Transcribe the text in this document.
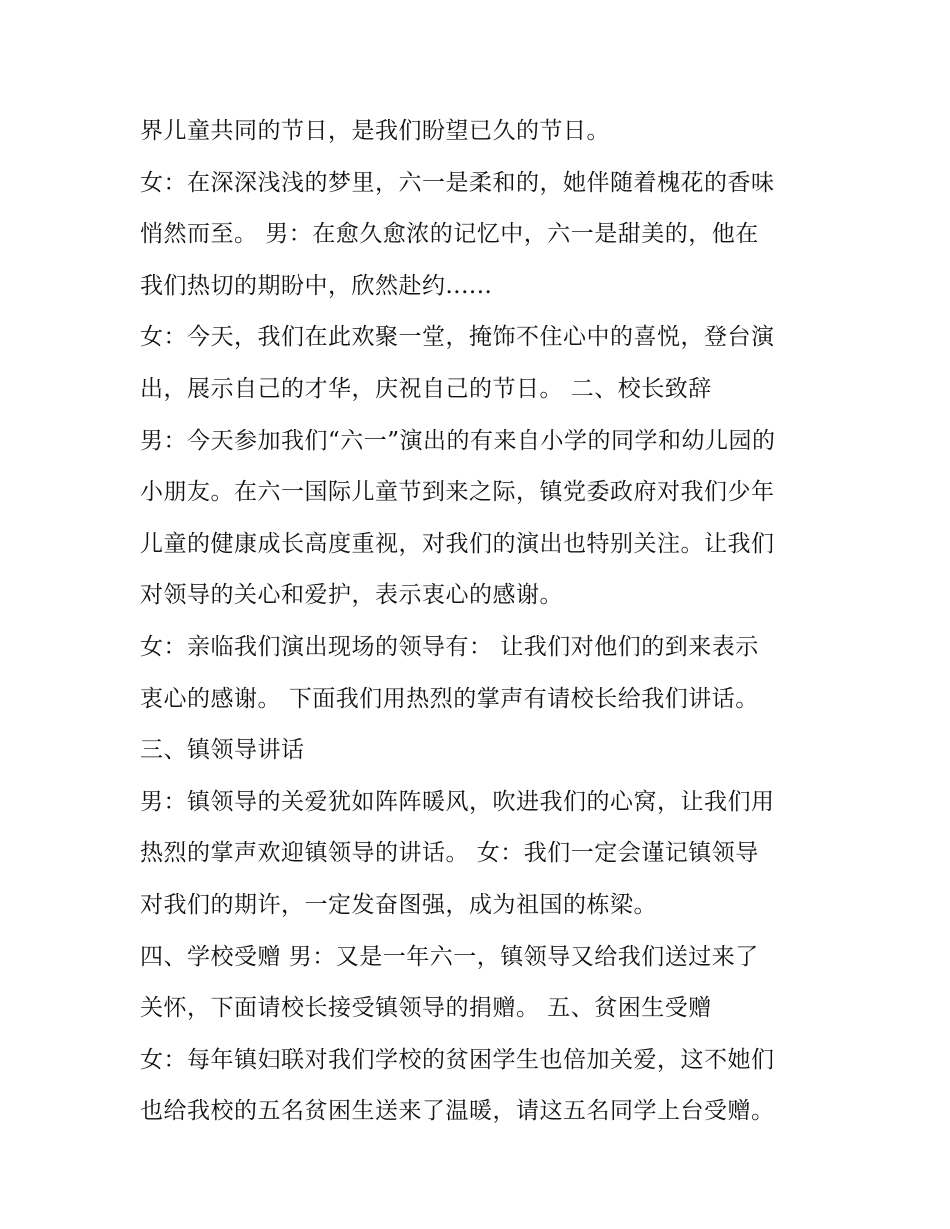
界儿童共同的节日，是我们盼望已久的节日。
女：在深深浅浅的梦里，六一是柔和的，她伴随着槐花的香味
悄然而至。 男：在愈久愈浓的记忆中，六一是甜美的，他在
我们热切的期盼中，欣然赴约......
女：今天，我们在此欢聚一堂，掩饰不住心中的喜悦，登台演
出，展示自己的才华，庆祝自己的节日。 二、校长致辞
男：今天参加我们“六一”演出的有来自小学的同学和幼儿园的
小朋友。在六一国际儿童节到来之际，镇党委政府对我们少年
儿童的健康成长高度重视，对我们的演出也特别关注。让我们
对领导的关心和爱护，表示衷心的感谢。
女：亲临我们演出现场的领导有： 让我们对他们的到来表示
衷心的感谢。 下面我们用热烈的掌声有请校长给我们讲话。
三、镇领导讲话
男：镇领导的关爱犹如阵阵暖风，吹进我们的心窝，让我们用
热烈的掌声欢迎镇领导的讲话。 女：我们一定会谨记镇领导
对我们的期许，一定发奋图强，成为祖国的栋梁。
四、学校受赠 男：又是一年六一，镇领导又给我们送过来了
关怀，下面请校长接受镇领导的捐赠。 五、贫困生受赠
女：每年镇妇联对我们学校的贫困学生也倍加关爱，这不她们
也给我校的五名贫困生送来了温暖，请这五名同学上台受赠。
